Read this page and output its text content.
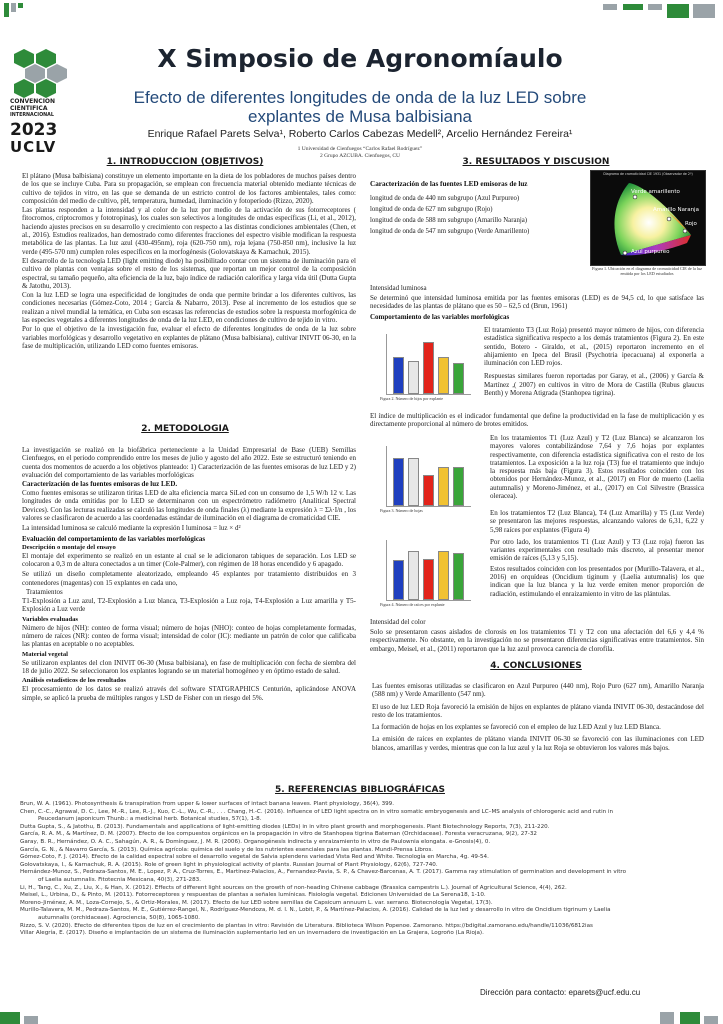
CONVENCION
CIENTIFICA
INTERNACIONAL
2023
UCLV
X Simposio de Agronomíaulo
Efecto de diferentes longitudes de onda de la luz LED sobre
explantes de Musa balbisiana
Enrique Rafael Parets Selva¹, Roberto Carlos Cabezas Medell², Arcelio Hernández Fereira¹
1 Universidad de Cienfuegos “Carlos Rafael Rodríguez”
2 Grupo AZCUBA. Cienfuegos, CU
1. INTRODUCCION (OBJETIVOS)

El plátano (Musa balbisiana) constituye un elemento importante en la dieta de los pobladores de muchos países dentro de los que se incluye Cuba. Para su propagación, se emplean con frecuencia material obtenido mediante técnicas de cultivo de tejidos in vitro, en las que se demanda de un estricto control de los factores ambientales, tales como: composición del medio de cultivo, pH, temperatura, humedad, iluminación y fotoperíodo (Rizzo, 2020).

Las plantas responden a la intensidad y al color de la luz por medio de la activación de sus fotorreceptores ( fitocromos, criptocromos y fototropinas), los cuales son selectivos a longitudes de ondas específicas (Li, et al., 2012), haciendo ajustes precisos en su desarrollo y crecimiento con respecto a las distintas condiciones ambientales (Chen, et al., 2016). Estudios realizados, han demostrado como diferentes fracciones del espectro visible modifican la respuesta metabólica de las plantas. La luz azul (430-495nm), roja (620-750 nm), roja lejana (750-850 nm), inclusive la luz verde (495-570 nm) cumplen roles específicos en la morfogénesis (Golovatskaya & Karnachuk, 2015).

El desarrollo de la tecnología LED (light emitting diode) ha posibilitado contar con un sistema de iluminación para el cultivo de plantas con ventajas sobre el resto de los sistemas, que reportan un mejor control de la composición espectral, su tamaño pequeño, alta eficiencia de la luz, bajo índice de radiación calorífica y larga vida útil (Dutta Gupta & Jatothu, 2013).

Con la luz LED se logra una especificidad de longitudes de onda que permite brindar a los diferentes cultivos, las condiciones necesarias (Gómez-Coto, 2014 ; García & Nabarro, 2013). Pese al incremento de los estudios que se realizan a nivel mundial la temática, en Cuba son escasas las referencias de estudios sobre la respuesta morfogénica de las especies vegetales a diferentes longitudes de onda de la luz LED, en condiciones de cultivo de tejido in vitro.

Por lo que el objetivo de la investigación fue, evaluar el efecto de diferentes longitudes de onda de la luz sobre variables morfológicas y desarrollo vegetativo en explantes de plátano (Musa balbisiana), cultivar INIVIT 06-30, en la fase de multiplicación, utilizando LED como fuentes emisoras.

2. METODOLOGIA

La investigación se realizó en la biofábrica perteneciente a la Unidad Empresarial de Base (UEB) Semillas Cienfuegos, en el periodo comprendido entre los meses de julio y agosto del año 2022. Este se estructuró teniendo en cuenta dos momentos de acuerdo a los objetivos planteado: 1) Caracterización de las fuentes emisoras de luz LED y 2) evaluación del comportamiento de las variables morfológicas

Caracterización de las fuentes emisoras de luz LED.

Como fuentes emisoras se utilizaron tiritas LED de alta eficiencia marca SiLed con un consumo de 1,5 W/h 12 v. Las longitudes de onda emitidas por lo LED se determinaron con un espectrómetro radiómetro (Analitical Spectral Devices). Con las lecturas realizadas se calculó las longitudes de onda finales (λ) mediante la expresión λ = Σλ·I/n , los valores se clasificaron de acuerdo a las coordenadas estándar de iluminación en el diagrama de cromaticidad CIE.

La intensidad luminosa se calculó mediante la expresión I luminosa = luz × d²

Evaluación del comportamiento de las variables morfológicas

Descripción o montaje del ensayo

El montaje del experimento se realizó en un estante al cual se le adicionaron tabiques de separación. Los LED se colocaron a 0,3 m de altura conectados a un timer (Cole-Palmer), con régimen de 18 horas encendido y 6 apagado.

Se utilizó un diseño completamente aleatorizado, empleando 45 explantes por tratamiento distribuidos en 3 contenedores (magentas) con 15 explantes en cada uno,

Tratamientos

T1-Explosión a Luz azul, T2-Explosión a Luz blanca, T3-Explosión a Luz roja, T4-Explosión a Luz amarilla y T5-Explosión a Luz verde

Variables evaluadas

Número de hijos (NH): conteo de forma visual; número de hojas (NHO): conteo de hojas completamente formadas, número de raíces (NR): conteo de forma visual; intensidad de color (IC): mediante un patrón de color que calificaba las plantas en aceptable o no aceptables.

Material vegetal

Se utilizaron explantes del clon INIVIT 06-30 (Musa balbisiana), en fase de multiplicación con fecha de siembra del 18 de julio 2022. Se seleccionaron los explantes logrando se un material homogéneo y en óptimo estado de salud.

Análisis estadísticos de los resultados

El procesamiento de los datos se realizó através del software STATGRAPHICS Centurión, aplicándose ANOVA simple, se aplicó la prueba de múltiples rangos y LSD de Fisher con un riesgo del 5%.

3. RESULTADOS Y DISCUSION
Caracterización de las fuentes LED emisoras de luz
longitud de onda de 440 nm subgrupo (Azul Purpureo)
longitud de onda de 627 nm subgrupo (Rojo)
longitud de onda de 588 nm subgrupo (Amarillo Naranja)
longitud de onda de 547 nm subgrupo (Verde Amarillento)
Diagrama de cromaticidad CIE 1931 (Observador de 2º)
Verde amarillento
Amarillo Naranja
Rojo
Azul purpureo
Figura 1. Ubicación en el diagrama de cromaticidad CIE de la luz emitida por los LED estudiados
Intensidad luminosa
Se determinó que intensidad luminosa emitida por las fuentes emisoras (LED) es de 94,5 cd, lo que satisface las necesidades de las plantas de plátano que es 50 – 62,5 cd (Brun, 1961)
Comportamiento de las variables morfológicas
Figura 2. Número de hijos por explante

El tratamiento T3 (Luz Roja) presentó mayor número de hijos, con diferencia estadística significativa respecto a los demás tratamientos (Figura 2). En este sentido, Botero - Giraldo, et al., (2015) reportaron incremento en el ahijamiento en Ipeca del Brasil (Psychotria ipecacuana) al exponerla a iluminación con LED rojos.

Respuestas similares fueron reportadas por Garay, et al., (2006) y García & Martínez ,( 2007) en cultivos in vitro de Mora de Castilla (Rubus glaucus Benth) y Morena Atigrada (Stanhopea tigrina).

El índice de multiplicación es el indicador fundamental que define la productividad en la fase de multiplicación y es directamente proporcional al número de brotes emitidos.

Figura 3. Número de hojas

En los tratamientos T1 (Luz Azul) y T2 (Luz Blanca) se alcanzaron los mayores valores contabilizándose 7,64 y 7,6 hojas por explantes respectivamente, con diferencia estadística significativa con el resto de los tratamientos. La exposición a la luz roja (T3) fue el tratamiento que indujo la respuesta más baja (Figura 3). Estos resultados coinciden con los obtenidos por Hernández-Munoz, et al., (2017) en Flor de muerto (Laelia autumnalis) y Moreno-Jiménez, et al., (2017) en Col Silvestre (Brassica oleracea).

Figura 4. Número de raíces por explante

En los tratamientos T2 (Luz Blanca), T4 (Luz Amarilla) y T5 (Luz Verde) se presentaron las mejores respuestas, alcanzando valores de 6,31, 6,22 y 5,98 raíces por explantes (Figura 4)

Por otro lado, los tratamientos T1 (Luz Azul) y T3 (Luz roja) fueron las variantes experimentales con resultado más discreto, al presentar menor emisión de raíces (5,13 y 5,15).

Estos resultados coinciden con los presentados por (Murillo-Talavera, et al., 2016) en orquídeas (Oncidium tiginum y (Laelia autumnalis) los que indican que la luz blanca y la luz verde emiten menor proporción de radiación, estimulando el enraizamiento in vitro de las plántulas.

Intensidad del color

Solo se presentaron casos aislados de clorosis en los tratamientos T1 y T2 con una afectación del 6,6 y 4,4 % respectivamente. No obstante, en la investigación no se presentaron diferencias significativas entre tratamientos. Sin embargo, Meisel, et al., (2011) reportaron que la luz azul provoca carencia de clorofila.

4. CONCLUSIONES

Las fuentes emisoras utilizadas se clasificaron en Azul Purpureo (440 nm), Rojo Puro (627 nm), Amarillo Naranja (588 nm) y Verde Amarillento (547 nm).

El uso de luz LED Roja favoreció la emisión de hijos en explantes de plátano vianda INIVIT 06-30, destacándose del resto de los tratamientos.

La formación de hojas en los explantes se favoreció con el empleo de luz LED Azul y luz LED Blanca.

La emisión de raíces en explantes de plátano vianda INIVIT 06-30 se favoreció con las iluminaciones con LED blancos, amarillas y verdes, mientras que con la luz azul y la luz Roja se obtuvieron los valores más bajos.

5. REFERENCIAS BIBLIOGRÁFICAS
Brun, W. A. (1961). Photosynthesis & transpiration from upper & lower surfaces of intact banana leaves. Plant physiology, 36(4), 399.
Chen, C.-C., Agrawal, D. C., Lee, M.-R., Lee, R.-J., Kuo, C.-L., Wu, C.-R., . . . Chang, H.-C. (2016). Influence of LED light spectra on in vitro somatic embryogenesis and LC–MS analysis of chlorogenic acid and rutin in
Peucedanum japonicum Thunb.: a medicinal herb. Botanical studies, 57(1), 1-8.
Dutta Gupta, S., & Jatothu, B. (2013). Fundamentals and applications of light-emitting diodes (LEDs) in in vitro plant growth and morphogenesis. Plant Biotechnology Reports, 7(3), 211-220.
García, R. A. M., & Martínez, D. M. (2007). Efecto de los compuestos orgánicos en la propagación in vitro de Stanhopea tigrina Bateman (Orchidaceae). Foresta veracruzana, 9(2), 27-32
Garay, B. R., Hernández, O. A. C., Sahagún, A. R., & Domínguez, J. M. R. (2006). Organogénesis indirecta y enraizamiento in vitro de Paulownia elongata. e-Gnosis(4), 0.
García, G. N., & Navarro García, S. (2013). Química agrícola: química del suelo y de los nutrientes esenciales para las plantas. Mundi-Prensa Libros.
Gómez-Coto, F. J. (2014). Efecto de la calidad espectral sobre el desarrollo vegetal de Salvia splendens variedad Vista Red and White. Tecnología en Marcha, 4g. 49-54.
Golovatskaya, I., & Karnachuk, R. A. (2015). Role of green light in physiological activity of plants. Russian Journal of Plant Physiology, 62(6), 727-740.
Hernández-Munoz, S., Pedraza-Santos, M. E., Lopez, P. A., Cruz-Torres, E., Martinez-Palacios, A., Fernandez-Pavia, S. P., & Chavez-Barcenas, A. T. (2017). Gamma ray stimulation of germination and development in vitro
of Laelia autumnalis. Fitotecnia Mexicana, 40(3), 271-283.
Li, H., Tang, C., Xu, Z., Liu, X., & Han, X. (2012). Effects of different light sources on the growth of non-heading Chinese cabbage (Brassica campestris L.). Journal of Agricultural Science, 4(4), 262.
Meisel, L., Urbina, D., & Pinto, M. (2011). Fotorreceptores y respuestas de plantas a señales lumínicas. Fisiología vegetal. Ediciones Universidad de La Serena18, 1-10.
Moreno-Jiménez, A. M., Loza-Cornejo, S., & Ortiz-Morales, M. (2017). Efecto de luz LED sobre semillas de Capsicum annuum L. var. serrano. Biotecnología Vegetal, 17(3).
Murillo-Talavera, M. M., Pedraza-Santos, M. E., Gutiérrez-Rangel, N., Rodríguez-Mendoza, M. d. l. N., Lobit, P., & Martínez-Palacios, A. (2016). Calidad de la luz led y desarrollo in vitro de Oncidium tigrinum y Laelia
autumnalis (orchidaceae). Agrociencia, 50(8), 1065-1080.
Rizzo, S. V. (2020). Efecto de diferentes tipos de luz en el crecimiento de plantas in vitro: Revisión de Literatura. Biblioteca Wilson Popenoe. Zamorano. https://bdigital.zamorano.edu/handle/11036/6812ias
Villar Alegría, E. (2017). Diseño e implantación de un sistema de iluminación suplementario led en un invernadero de investigación en La Grajera, Logroño (La Rioja).
Dirección para contacto: eparets@ucf.edu.cu
